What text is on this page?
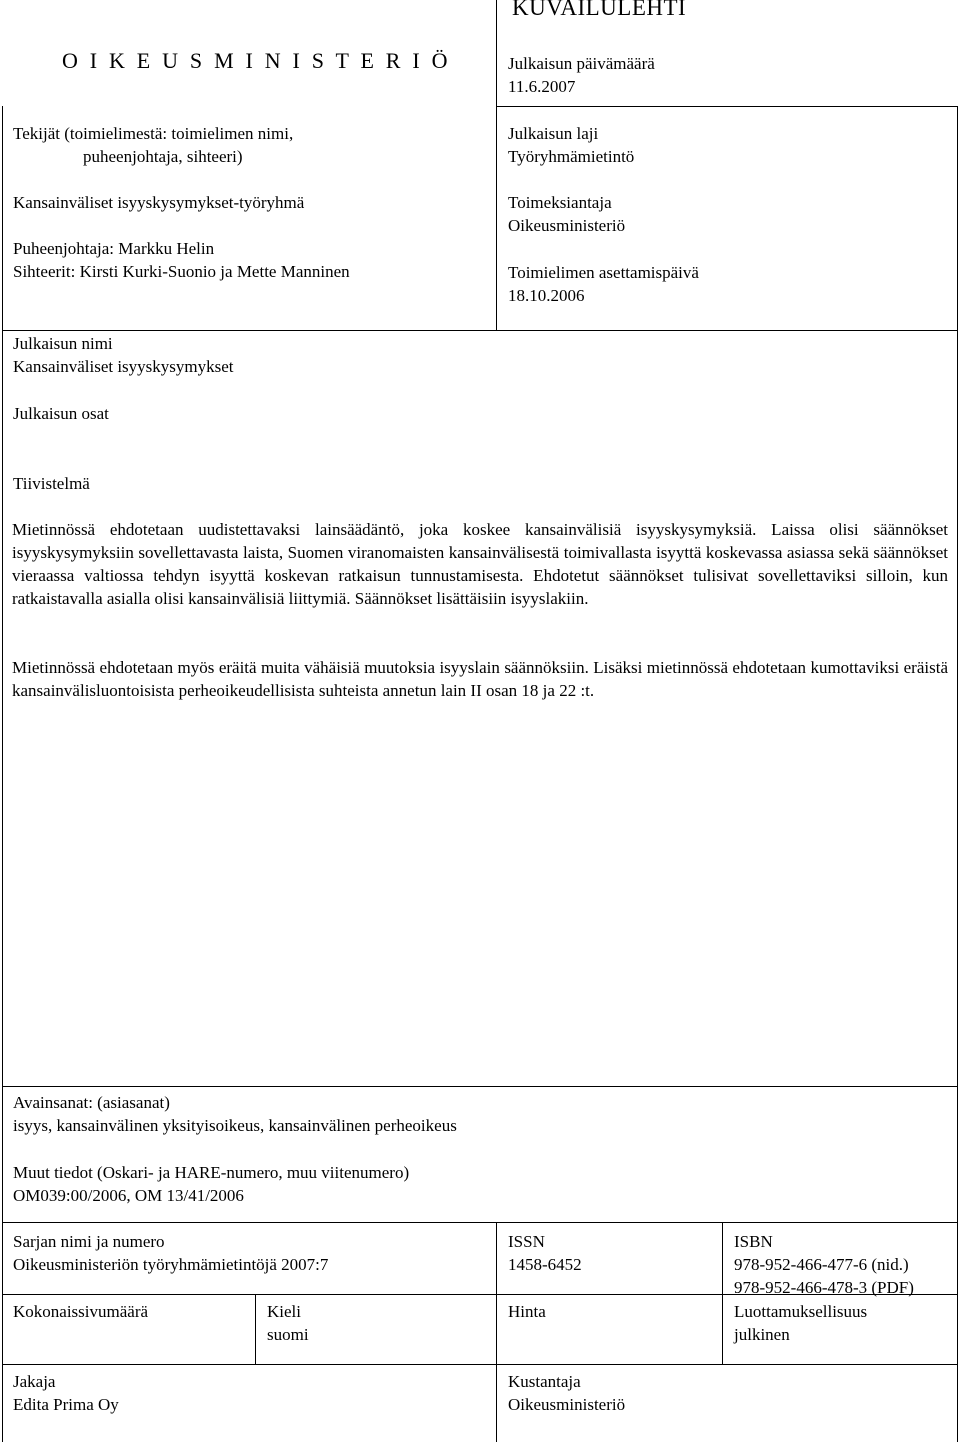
KUVAILULEHTI
O I K E U S M I N I S T E R I Ö
Tekijät (toimielimestä: toimielimen nimi,
puheenjohtaja, sihteeri)
Kansainväliset isyyskysymykset-työryhmä
Puheenjohtaja: Markku Helin
Sihteerit: Kirsti Kurki-Suonio ja Mette Manninen
Julkaisun päivämäärä
11.6.2007
Julkaisun laji
Työryhmämietintö
Toimeksiantaja
Oikeusministeriö
Toimielimen asettamispäivä
18.10.2006
Julkaisun nimi
Kansainväliset isyyskysymykset
Julkaisun osat
Tiivistelmä
Mietinnössä ehdotetaan uudistettavaksi lainsäädäntö, joka koskee kansainvälisiä isyyskysymyksiä. Laissa olisi säännökset isyyskysymyksiin sovellettavasta laista, Suomen viranomaisten kansainvälisestä toimivallasta isyyttä koskevassa asiassa sekä säännökset vieraassa valtiossa tehdyn isyyttä koskevan ratkaisun tunnustamisesta. Ehdotetut säännökset tulisivat sovellettaviksi silloin, kun ratkaistavalla asialla olisi kansainvälisiä liittymiä. Säännökset lisättäisiin isyyslakiin.
Mietinnössä ehdotetaan myös eräitä muita vähäisiä muutoksia isyyslain säännöksiin. Lisäksi mietinnössä ehdotetaan kumottaviksi eräistä kansainvälisluontoisista perheoikeudellisista suhteista annetun lain II osan 18 ja 22 :t.
Avainsanat: (asiasanat)
isyys, kansainvälinen yksityisoikeus, kansainvälinen perheoikeus
Muut tiedot (Oskari- ja HARE-numero, muu viitenumero)
OM039:00/2006, OM 13/41/2006
Sarjan nimi ja numero
Oikeusministeriön työryhmämietintöjä 2007:7
ISSN
1458-6452
ISBN
978-952-466-477-6 (nid.)
978-952-466-478-3 (PDF)
Kokonaissivumäärä	Kieli
suomi
Hinta	Luottamuksellisuus
julkinen
Jakaja
Edita Prima Oy
Kustantaja
Oikeusministeriö
